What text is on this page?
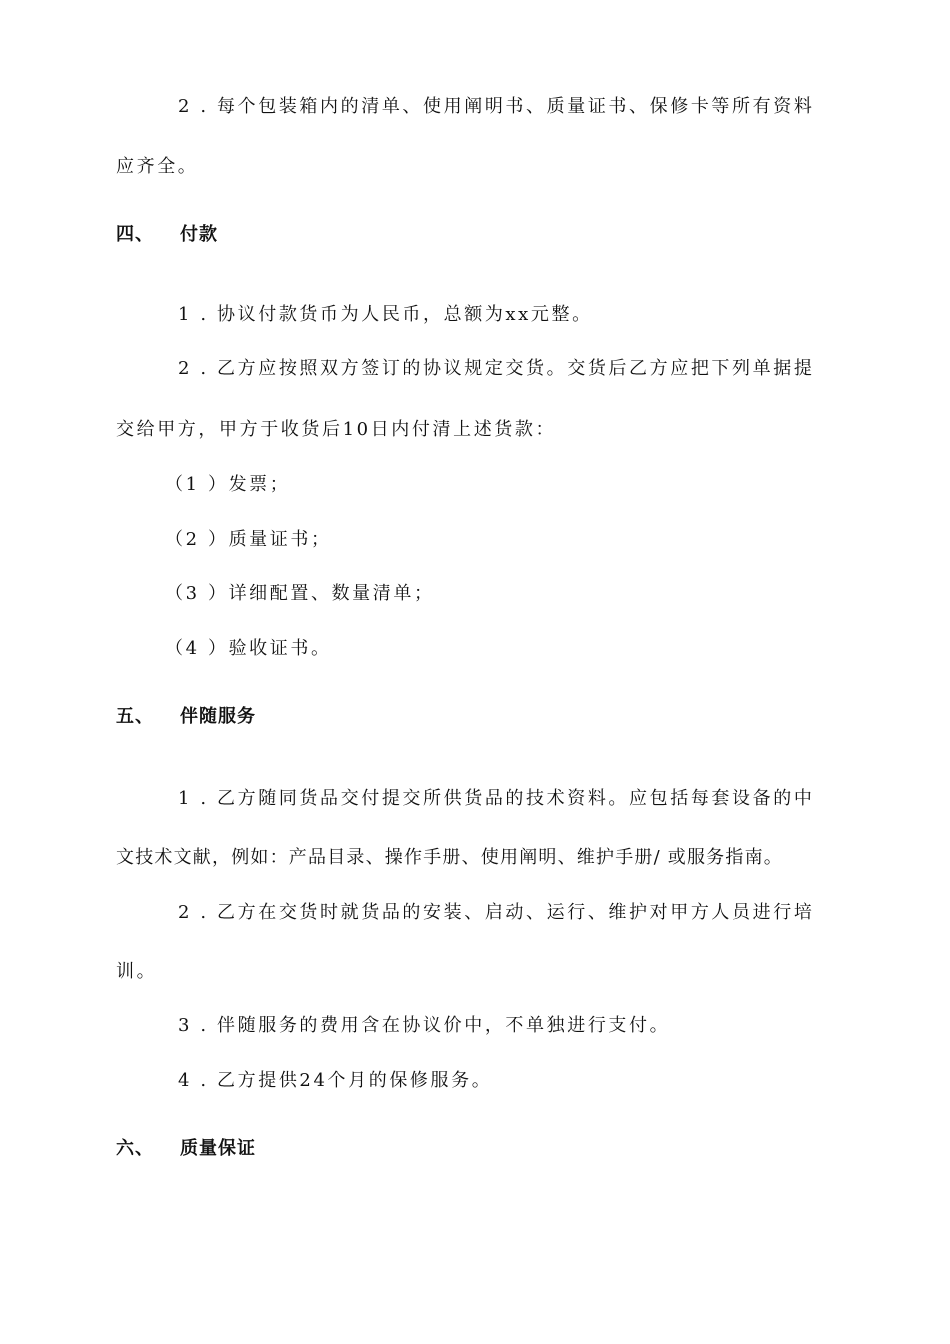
2 . 每个包装箱内的清单、使用阐明书、质量证书、保修卡等所有资料
应齐全。
四、 付款
1 . 协议付款货币为人民币，总额为xx元整。
2 . 乙方应按照双方签订的协议规定交货。交货后乙方应把下列单据提
交给甲方，甲方于收货后10日内付清上述货款：
（1 ）发票；
（2 ）质量证书；
（3 ）详细配置、数量清单；
（4 ）验收证书。
五、 伴随服务
1 . 乙方随同货品交付提交所供货品的技术资料。应包括每套设备的中
文技术文献，例如：产品目录、操作手册、使用阐明、维护手册/ 或服务指南。
2 . 乙方在交货时就货品的安装、启动、运行、维护对甲方人员进行培
训。
3 . 伴随服务的费用含在协议价中，不单独进行支付。
4 . 乙方提供24个月的保修服务。
六、 质量保证
